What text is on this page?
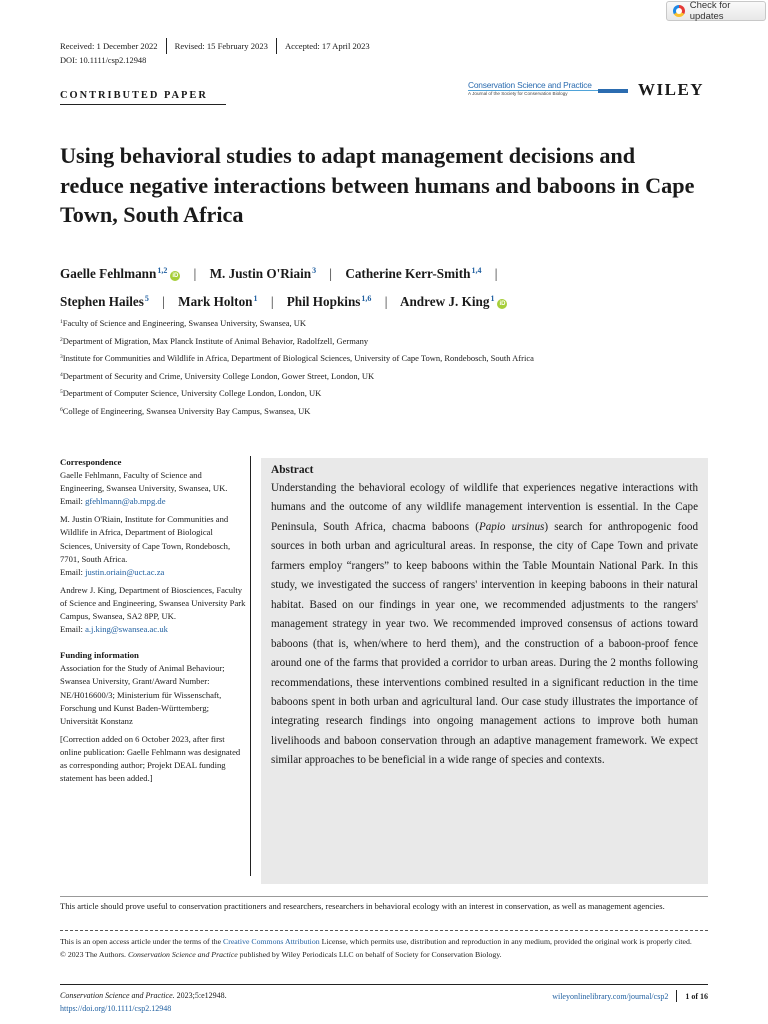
Check for updates
Received: 1 December 2022 Revised: 15 February 2023 Accepted: 17 April 2023
DOI: 10.1111/csp2.12948
CONTRIBUTED PAPER
Conservation Science and Practice
A Journal of the Society for Conservation Biology	WILEY
Using behavioral studies to adapt management decisions and reduce negative interactions between humans and baboons in Cape Town, South Africa
Gaelle Fehlmann$^{1,2}$iD | M. Justin O'Riain$^3$ | Catherine Kerr-Smith$^{1,4}$ |
Stephen Hailes$^5$ | Mark Holton$^1$ | Phil Hopkins$^{1,6}$ | Andrew J. King$^1$iD
$^1$Faculty of Science and Engineering, Swansea University, Swansea, UK
$^2$Department of Migration, Max Planck Institute of Animal Behavior, Radolfzell, Germany
$^3$Institute for Communities and Wildlife in Africa, Department of Biological Sciences, University of Cape Town, Rondebosch, South Africa
$^4$Department of Security and Crime, University College London, Gower Street, London, UK
$^5$Department of Computer Science, University College London, London, UK
$^6$College of Engineering, Swansea University Bay Campus, Swansea, UK
Correspondence
Gaelle Fehlmann, Faculty of Science and Engineering, Swansea University, Swansea, UK.
Email: gfehlmann@ab.mpg.de
M. Justin O'Riain, Institute for Communities and Wildlife in Africa, Department of Biological Sciences, University of Cape Town, Rondebosch, 7701, South Africa.
Email: justin.oriain@uct.ac.za
Andrew J. King, Department of Biosciences, Faculty of Science and Engineering, Swansea University Park Campus, Swansea, SA2 8PP, UK.
Email: a.j.king@swansea.ac.uk
Funding information
Association for the Study of Animal Behaviour; Swansea University, Grant/Award Number: NE/H016600/3; Ministerium für Wissenschaft, Forschung und Kunst Baden-Württemberg; Universität Konstanz
[Correction added on 6 October 2023, after first online publication: Gaelle Fehlmann was designated as corresponding author; Projekt DEAL funding statement has been added.]
Abstract

Understanding the behavioral ecology of wildlife that experiences negative interactions with humans and the outcome of any wildlife management intervention is essential. In the Cape Peninsula, South Africa, chacma baboons (Papio ursinus) search for anthropogenic food sources in both urban and agricultural areas. In response, the city of Cape Town and private farmers employ “rangers” to keep baboons within the Table Mountain National Park. In this study, we investigated the success of rangers' intervention in keeping baboons in their natural habitat. Based on our findings in year one, we recommended adjustments to the rangers' management strategy in year two. We recommended improved consensus of actions toward baboons (that is, when/where to herd them), and the construction of a baboon-proof fence around one of the farms that provided a corridor to urban areas. During the 2 months following recommendations, these interventions combined resulted in a significant reduction in the time baboons spent in both urban and agricultural land. Our case study illustrates the importance of integrating research findings into ongoing management actions to improve both human livelihoods and baboon conservation through an adaptive management framework. We expect similar approaches to be beneficial in a wide range of species and contexts.

This article should prove useful to conservation practitioners and researchers, researchers in behavioral ecology with an interest in conservation, as well as management agencies.
This is an open access article under the terms of the Creative Commons Attribution License, which permits use, distribution and reproduction in any medium, provided the original work is properly cited.
© 2023 The Authors. Conservation Science and Practice published by Wiley Periodicals LLC on behalf of Society for Conservation Biology.
Conservation Science and Practice. 2023;5:e12948.
https://doi.org/10.1111/csp2.12948
wileyonlinelibrary.com/journal/csp2 1 of 16
